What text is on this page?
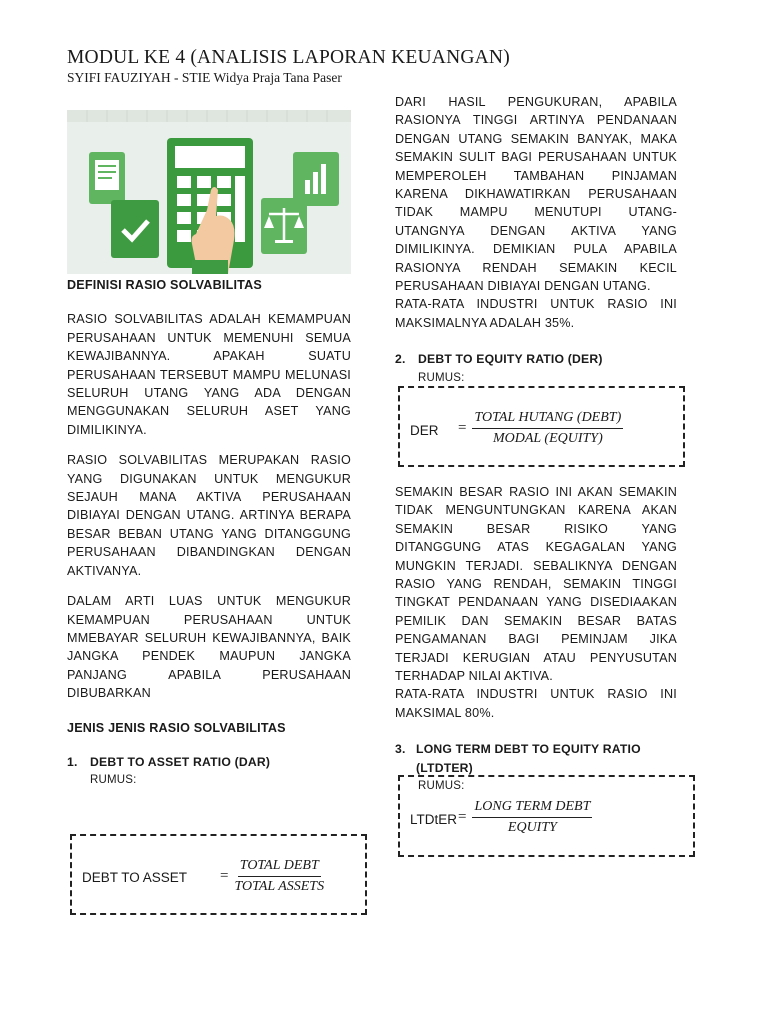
MODUL KE 4 (ANALISIS LAPORAN KEUANGAN)
SYIFI FAUZIYAH - STIE Widya Praja Tana Paser
DEFINISI RASIO SOLVABILITAS

RASIO SOLVABILITAS ADALAH KEMAMPUAN PERUSAHAAN UNTUK MEMENUHI SEMUA KEWAJIBANNYA. APAKAH SUATU PERUSAHAAN TERSEBUT MAMPU MELUNASI SELURUH UTANG YANG ADA DENGAN MENGGUNAKAN SELURUH ASET YANG DIMILIKINYA.

RASIO SOLVABILITAS MERUPAKAN RASIO YANG DIGUNAKAN UNTUK MENGUKUR SEJAUH MANA AKTIVA PERUSAHAAN DIBIAYAI DENGAN UTANG. ARTINYA BERAPA BESAR BEBAN UTANG YANG DITANGGUNG PERUSAHAAN DIBANDINGKAN DENGAN AKTIVANYA.

DALAM ARTI LUAS UNTUK MENGUKUR KEMAMPUAN PERUSAHAAN UNTUK MMEBAYAR SELURUH KEWAJIBANNYA, BAIK JANGKA PENDEK MAUPUN JANGKA PANJANG APABILA PERUSAHAAN DIBUBARKAN

JENIS JENIS RASIO SOLVABILITAS
1.	DEBT TO ASSET RATIO (DAR)
RUMUS:
DEBT TO ASSET = $\frac{\text{TOTAL DEBT}}{\text{TOTAL ASSETS}}$

DARI HASIL PENGUKURAN, APABILA RASIONYA TINGGI ARTINYA PENDANAAN DENGAN UTANG SEMAKIN BANYAK, MAKA SEMAKIN SULIT BAGI PERUSAHAAN UNTUK MEMPEROLEH TAMBAHAN PINJAMAN KARENA DIKHAWATIRKAN PERUSAHAAN TIDAK MAMPU MENUTUPI UTANG-UTANGNYA DENGAN AKTIVA YANG DIMILIKINYA. DEMIKIAN PULA APABILA RASIONYA RENDAH SEMAKIN KECIL PERUSAHAAN DIBIAYAI DENGAN UTANG.

RATA-RATA INDUSTRI UNTUK RASIO INI MAKSIMALNYA ADALAH 35%.

2.	DEBT TO EQUITY RATIO (DER)
RUMUS:
DER = $\frac{\text{TOTAL HUTANG (DEBT)}}{\text{MODAL (EQUITY)}}$

SEMAKIN BESAR RASIO INI AKAN SEMAKIN TIDAK MENGUNTUNGKAN KARENA AKAN SEMAKIN BESAR RISIKO YANG DITANGGUNG ATAS KEGAGALAN YANG MUNGKIN TERJADI. SEBALIKNYA DENGAN RASIO YANG RENDAH, SEMAKIN TINGGI TINGKAT PENDANAAN YANG DISEDIAAKAN PEMILIK DAN SEMAKIN BESAR BATAS PENGAMANAN BAGI PEMINJAM JIKA TERJADI KERUGIAN ATAU PENYUSUTAN TERHADAP NILAI AKTIVA.

RATA-RATA INDUSTRI UNTUK RASIO INI MAKSIMAL 80%.

3. LONG TERM DEBT TO EQUITY RATIO (LTDTER)
RUMUS:
LTDtER = $\frac{\text{LONG TERM DEBT}}{\text{EQUITY}}$
